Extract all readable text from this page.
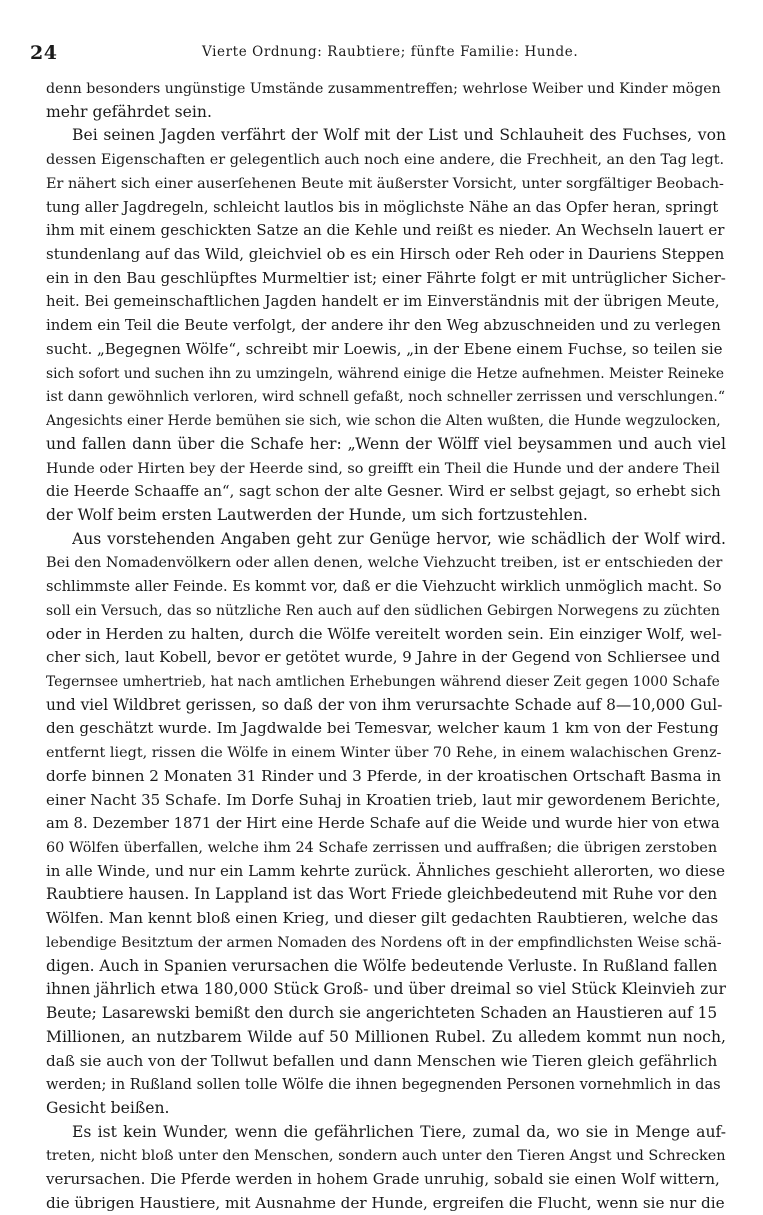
24	Vierte Ordnung: Raubtiere; fünfte Familie: Hunde.
denn besonders ungünstige Umstände zusammentreffen; wehrlose Weiber und Kinder mögen
mehr gefährdet sein.
Bei seinen Jagden verfährt der Wolf mit der List und Schlauheit des Fuchses, von
dessen Eigenschaften er gelegentlich auch noch eine andere, die Frechheit, an den Tag legt.
Er nähert sich einer auserſehenen Beute mit äußerster Vorsicht, unter sorgfältiger Beobach-
tung aller Jagdregeln, schleicht lautlos bis in möglichste Nähe an das Opfer heran, springt
ihm mit einem geschickten Satze an die Kehle und reißt es nieder. An Wechseln lauert er
stundenlang auf das Wild, gleichviel ob es ein Hirsch oder Reh oder in Dauriens Steppen
ein in den Bau geschlüpftes Murmeltier ist; einer Fährte folgt er mit untrüglicher Sicher-
heit. Bei gemeinschaftlichen Jagden handelt er im Einverständnis mit der übrigen Meute,
indem ein Teil die Beute verfolgt, der andere ihr den Weg abzuschneiden und zu verlegen
sucht. „Begegnen Wölfe“, schreibt mir Loewis, „in der Ebene einem Fuchse, so teilen sie
sich sofort und suchen ihn zu umzingeln, während einige die Hetze aufnehmen. Meister Reineke
ist dann gewöhnlich verloren, wird schnell gefaßt, noch schneller zerrissen und verschlungen.“
Angesichts einer Herde bemühen sie sich, wie schon die Alten wußten, die Hunde wegzulocken,
und fallen dann über die Schafe her: „Wenn der Wölff viel beysammen und auch viel
Hunde oder Hirten bey der Heerde sind, so greifft ein Theil die Hunde und der andere Theil
die Heerde Schaaffe an“, sagt schon der alte Gesner. Wird er selbst gejagt, so erhebt sich
der Wolf beim ersten Lautwerden der Hunde, um sich fortzustehlen.
Aus vorstehenden Angaben geht zur Genüge hervor, wie schädlich der Wolf wird.
Bei den Nomadenvölkern oder allen denen, welche Viehzucht treiben, ist er entschieden der
schlimmste aller Feinde. Es kommt vor, daß er die Viehzucht wirklich unmöglich macht. So
soll ein Versuch, das so nützliche Ren auch auf den südlichen Gebirgen Norwegens zu züchten
oder in Herden zu halten, durch die Wölfe vereitelt worden sein. Ein einziger Wolf, wel-
cher sich, laut Kobell, bevor er getötet wurde, 9 Jahre in der Gegend von Schliersee und
Tegernsee umhertrieb, hat nach amtlichen Erhebungen während dieser Zeit gegen 1000 Schafe
und viel Wildbret gerissen, so daß der von ihm verursachte Schade auf 8—10,000 Gul-
den geschätzt wurde. Im Jagdwalde bei Temesvar, welcher kaum 1 km von der Festung
entfernt liegt, rissen die Wölfe in einem Winter über 70 Rehe, in einem walachischen Grenz-
dorfe binnen 2 Monaten 31 Rinder und 3 Pferde, in der kroatischen Ortschaft Basma in
einer Nacht 35 Schafe. Im Dorfe Suhaj in Kroatien trieb, laut mir gewordenem Berichte,
am 8. Dezember 1871 der Hirt eine Herde Schafe auf die Weide und wurde hier von etwa
60 Wölfen überfallen, welche ihm 24 Schafe zerrissen und auffraßen; die übrigen zerstoben
in alle Winde, und nur ein Lamm kehrte zurück. Ähnliches geschieht allerorten, wo diese
Raubtiere hausen. In Lappland ist das Wort Friede gleichbedeutend mit Ruhe vor den
Wölfen. Man kennt bloß einen Krieg, und dieser gilt gedachten Raubtieren, welche das
lebendige Besitztum der armen Nomaden des Nordens oft in der empfindlichsten Weise schä-
digen. Auch in Spanien verursachen die Wölfe bedeutende Verluste. In Rußland fallen
ihnen jährlich etwa 180,000 Stück Groß- und über dreimal so viel Stück Kleinvieh zur
Beute; Lasarewski bemißt den durch sie angerichteten Schaden an Haustieren auf 15
Millionen, an nutzbarem Wilde auf 50 Millionen Rubel. Zu alledem kommt nun noch,
daß sie auch von der Tollwut befallen und dann Menschen wie Tieren gleich gefährlich
werden; in Rußland sollen tolle Wölfe die ihnen begegnenden Personen vornehmlich in das
Gesicht beißen.
Es ist kein Wunder, wenn die gefährlichen Tiere, zumal da, wo sie in Menge auf-
treten, nicht bloß unter den Menschen, sondern auch unter den Tieren Angst und Schrecken
verursachen. Die Pferde werden in hohem Grade unruhig, sobald sie einen Wolf wittern,
die übrigen Haustiere, mit Ausnahme der Hunde, ergreifen die Flucht, wenn sie nur die
